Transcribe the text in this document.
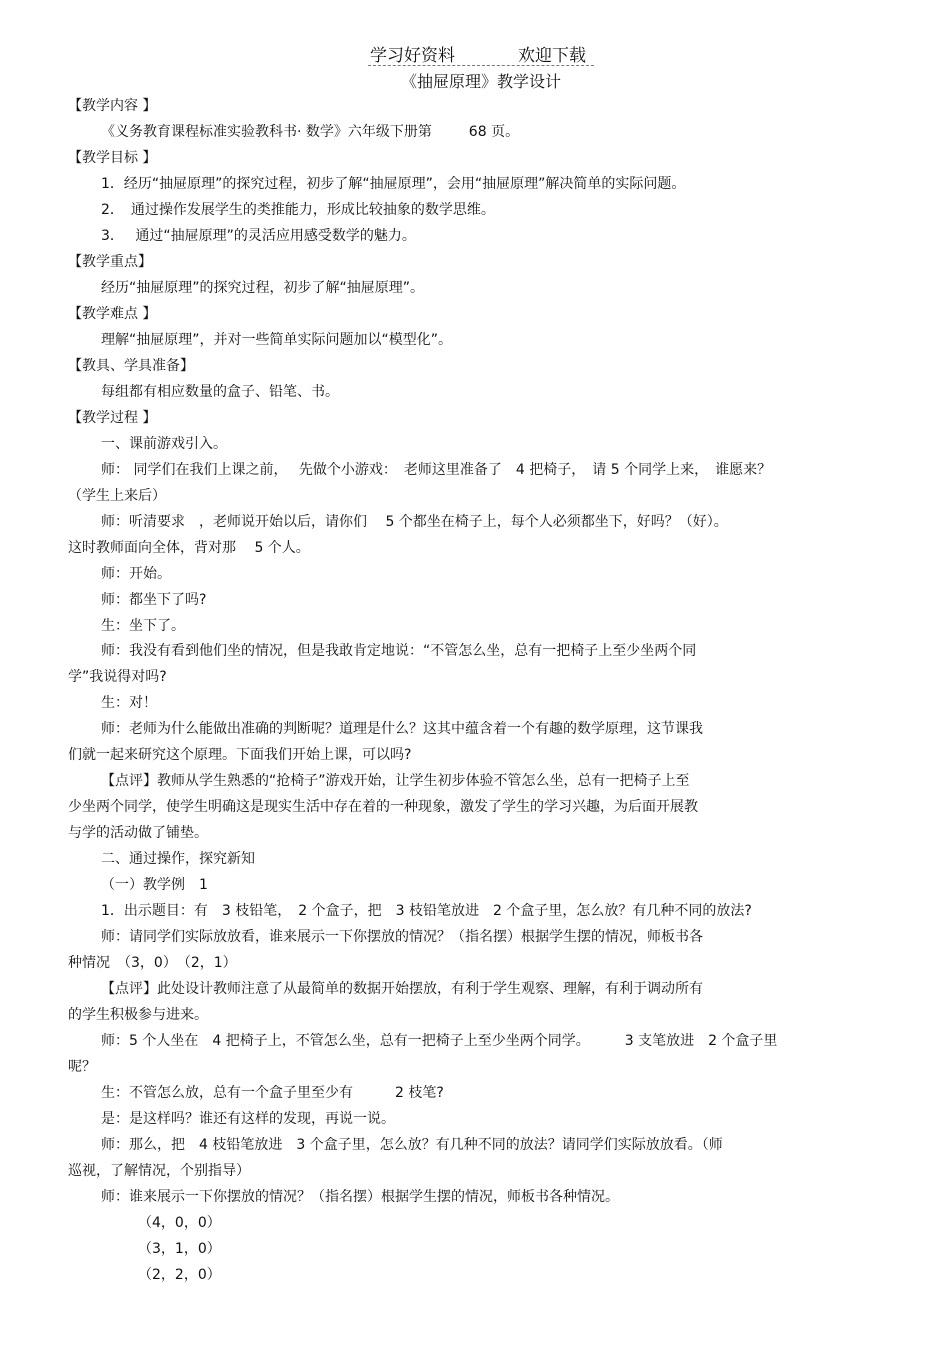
学习好资料	欢迎下载
《抽屉原理》教学设计
【教学内容 】
《义务教育课程标准实验教科书· 数学》六年级下册第 　　 68 页。
【教学目标 】
1．经历“抽屉原理”的探究过程，初步了解“抽屉原理”，会用“抽屉原理”解决简单的实际问题。
2．　通过操作发展学生的类推能力，形成比较抽象的数学思维。
3．　 通过“抽屉原理”的灵活应用感受数学的魅力。
【教学重点】
经历“抽屉原理”的探究过程，初步了解“抽屉原理”。
【教学难点 】
理解“抽屉原理”，并对一些简单实际问题加以“模型化”。
【教具、学具准备】
每组都有相应数量的盒子、铅笔、书。
【教学过程 】
一、课前游戏引入。
师： 同学们在我们上课之前，　 先做个小游戏：　老师这里准备了　4 把椅子，　请 5 个同学上来，　谁愿来？
（学生上来后）
师：听清要求　，老师说开始以后，请你们　 5 个都坐在椅子上，每个人必须都坐下，好吗？（好）。
这时教师面向全体，背对那　 5 个人。
师：开始。
师：都坐下了吗?
生：坐下了。
师：我没有看到他们坐的情况，但是我敢肯定地说：“不管怎么坐，总有一把椅子上至少坐两个同
学”我说得对吗?
生：对！
师：老师为什么能做出准确的判断呢？道理是什么？这其中蕴含着一个有趣的数学原理，这节课我
们就一起来研究这个原理。下面我们开始上课，可以吗?
【点评】教师从学生熟悉的“抢椅子”游戏开始，让学生初步体验不管怎么坐，总有一把椅子上至
少坐两个同学，使学生明确这是现实生活中存在着的一种现象，激发了学生的学习兴趣，为后面开展教
与学的活动做了铺垫。
二、通过操作，探究新知
（一）教学例　1
1．出示题目：有　3 枝铅笔，　2 个盒子，把　3 枝铅笔放进　2 个盒子里，怎么放？有几种不同的放法?
师：请同学们实际放放看，谁来展示一下你摆放的情况？（指名摆）根据学生摆的情况，师板书各
种情况　（3，0）　（2，1）
【点评】此处设计教师注意了从最简单的数据开始摆放，有利于学生观察、理解，有利于调动所有
的学生积极参与进来。
师：5 个人坐在　4 把椅子上，不管怎么坐，总有一把椅子上至少坐两个同学。　　　3 支笔放进　2 个盒子里
呢？
生：不管怎么放，总有一个盒子里至少有　　　2 枝笔?
是：是这样吗？谁还有这样的发现，再说一说。
师：那么，把　4 枝铅笔放进　3 个盒子里，怎么放？有几种不同的放法？请同学们实际放放看。（师
巡视，了解情况，个别指导）
师：谁来展示一下你摆放的情况？（指名摆）根据学生摆的情况，师板书各种情况。
（4，0，0）
（3，1，0）
（2，2，0）
